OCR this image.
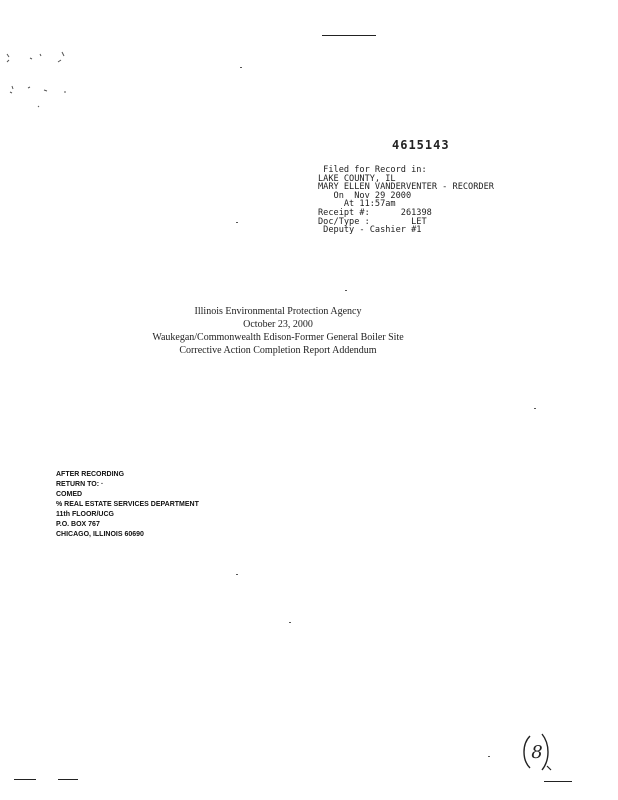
4615143
Filed for Record in:
LAKE COUNTY, IL
MARY ELLEN VANDERVENTER - RECORDER
On  Nov 29 2000
At 11:57am
Receipt #:      261398
Doc/Type :        LET
Deputy - Cashier #1
Illinois Environmental Protection Agency
October 23, 2000
Waukegan/Commonwealth Edison-Former General Boiler Site
Corrective Action Completion Report Addendum
AFTER RECORDING
RETURN TO: ·
COMED
% REAL ESTATE SERVICES DEPARTMENT
11th FLOOR/UCG
P.O. BOX 767
CHICAGO, ILLINOIS 60690
8
